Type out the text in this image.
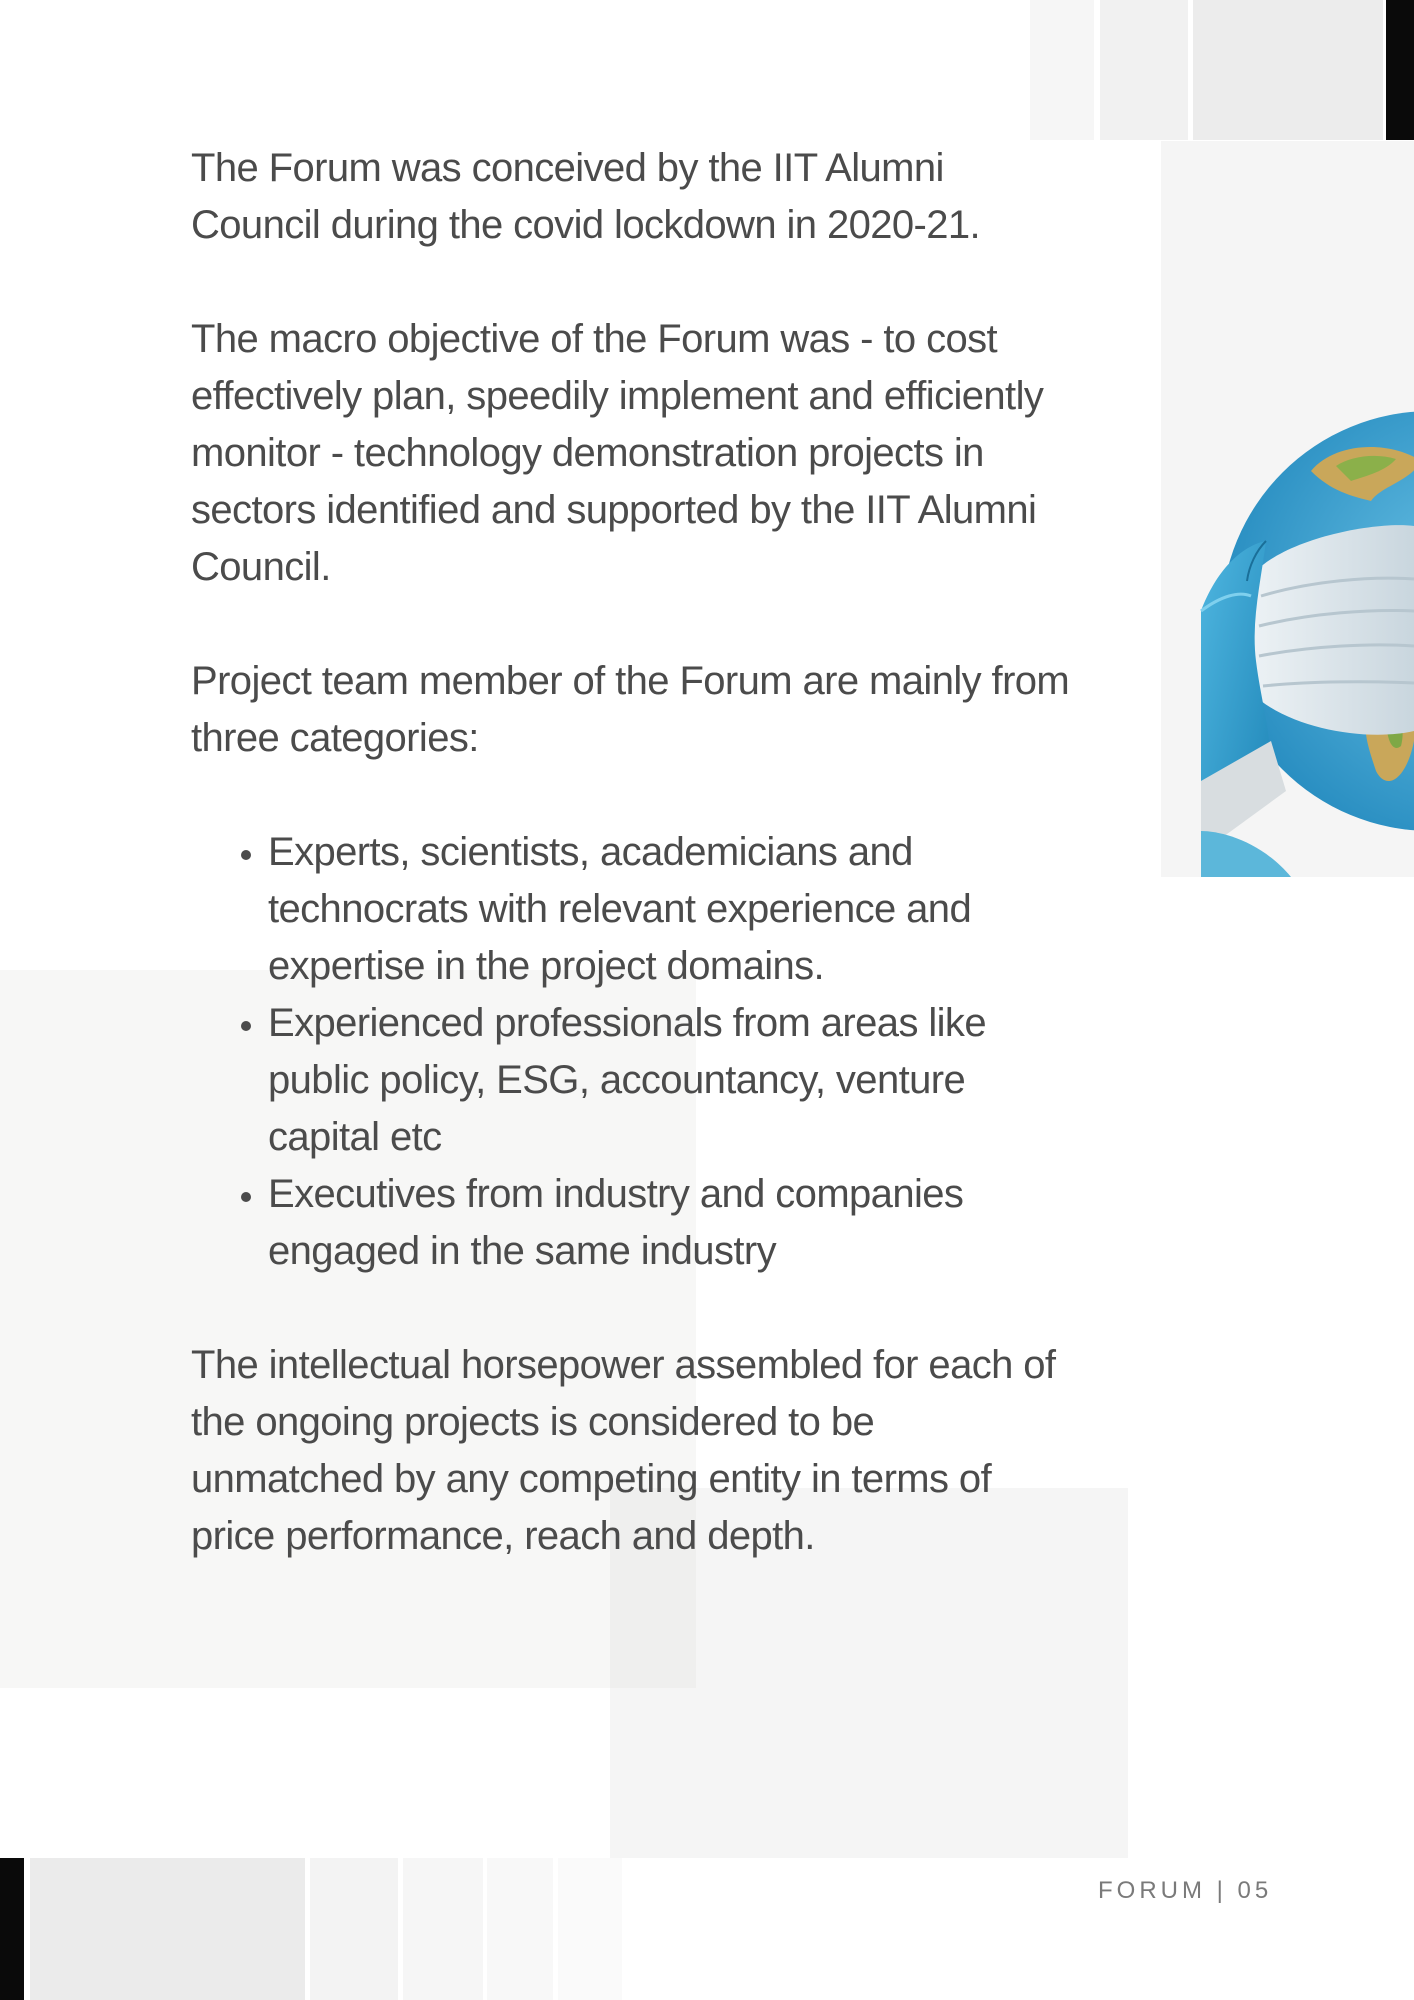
The Forum was conceived by the IIT Alumni Council during the covid lockdown in 2020-21.

The macro objective of the Forum was - to cost effectively plan, speedily implement and efficiently monitor - technology demonstration projects in sectors identified and supported by the IIT Alumni Council.

Project team member of the Forum are mainly from three categories:

• Experts, scientists, academicians and technocrats with relevant experience and expertise in the project domains.
• Experienced professionals from areas like public policy, ESG, accountancy, venture capital etc
• Executives from industry and companies engaged in the same industry

The intellectual horsepower assembled for each of the ongoing projects is considered to be unmatched by any competing entity in terms of price performance, reach and depth.

FORUM | 05
